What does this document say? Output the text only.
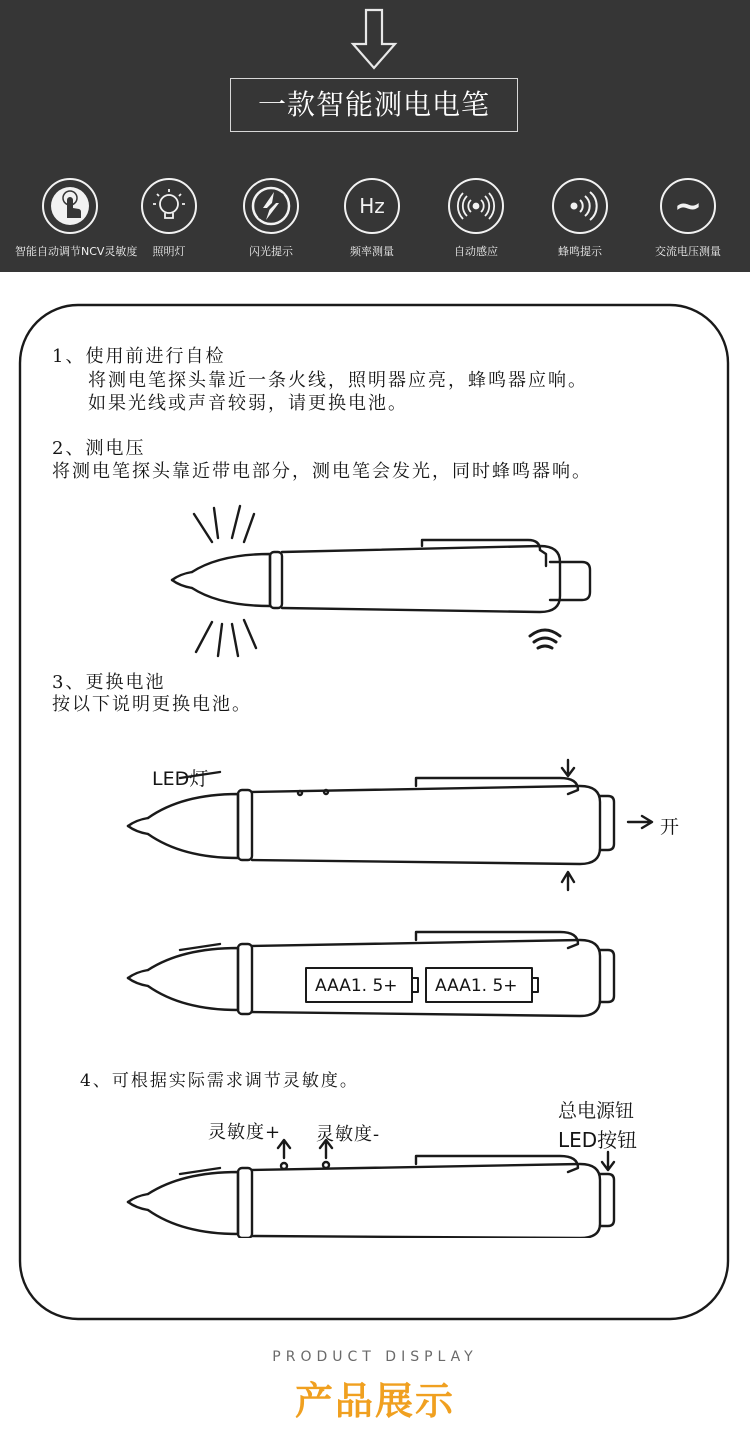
一款智能测电电笔
智能自动调节NCV灵敏度	照明灯	闪光提示
Hz
频率测量	自动感应	蜂鸣提示
~
交流电压测量
1、使用前进行自检
将测电笔探头靠近一条火线，照明器应亮，蜂鸣器应响。
如果光线或声音较弱，请更换电池。
2、测电压
将测电笔探头靠近带电部分，测电笔会发光，同时蜂鸣器响。
3、更换电池
按以下说明更换电池。
LED灯
开
AAA1. 5+ AAA1. 5+
4、可根据实际需求调节灵敏度。
总电源钮
LED按钮
灵敏度+ 灵敏度-
PRODUCT DISPLAY
产品展示
